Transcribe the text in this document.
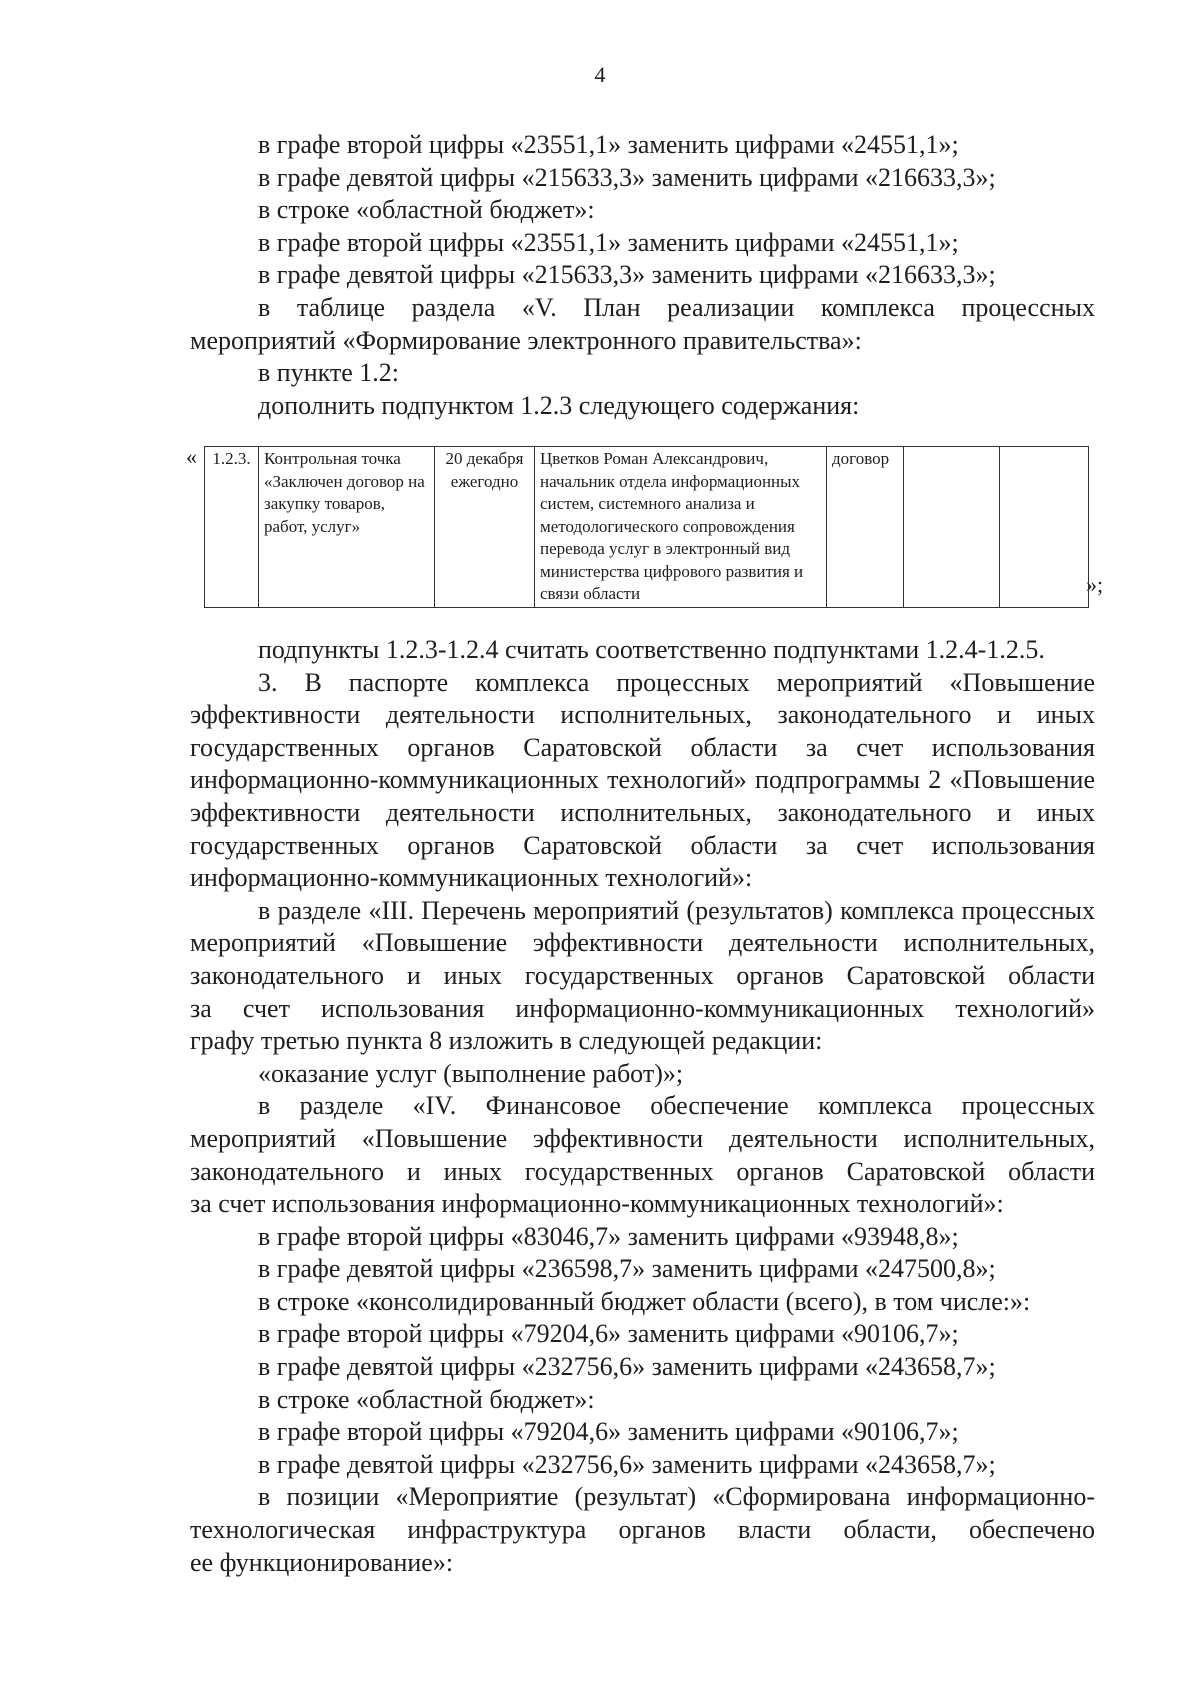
4

в графе второй цифры «23551,1» заменить цифрами «24551,1»;

в графе девятой цифры «215633,3» заменить цифрами «216633,3»;

в строке «областной бюджет»:

в графе второй цифры «23551,1» заменить цифрами «24551,1»;

в графе девятой цифры «215633,3» заменить цифрами «216633,3»;

в таблице раздела «V. План реализации комплекса процессных

мероприятий «Формирование электронного правительства»:

в пункте 1.2:

дополнить подпунктом 1.2.3 следующего содержания:

« 1.2.3.	Контрольная точка «Заключен договор на закупку товаров, работ, услуг»	20 декабря ежегодно	Цветков Роман Александрович, начальник отдела информационных систем, системного анализа и методологического сопровождения перевода услуг в электронный вид министерства цифрового развития и связи области	договор		
»;

подпункты 1.2.3-1.2.4 считать соответственно подпунктами 1.2.4-1.2.5.

3. В паспорте комплекса процессных мероприятий «Повышение

эффективности деятельности исполнительных, законодательного и иных

государственных органов Саратовской области за счет использования

информационно-коммуникационных технологий» подпрограммы 2 «Повышение

эффективности деятельности исполнительных, законодательного и иных

государственных органов Саратовской области за счет использования

информационно-коммуникационных технологий»:

в разделе «III. Перечень мероприятий (результатов) комплекса процессных

мероприятий «Повышение эффективности деятельности исполнительных,

законодательного и иных государственных органов Саратовской области

за счет использования информационно-коммуникационных технологий»

графу третью пункта 8 изложить в следующей редакции:

«оказание услуг (выполнение работ)»;

в разделе «IV. Финансовое обеспечение комплекса процессных

мероприятий «Повышение эффективности деятельности исполнительных,

законодательного и иных государственных органов Саратовской области

за счет использования информационно-коммуникационных технологий»:

в графе второй цифры «83046,7» заменить цифрами «93948,8»;

в графе девятой цифры «236598,7» заменить цифрами «247500,8»;

в строке «консолидированный бюджет области (всего), в том числе:»:

в графе второй цифры «79204,6» заменить цифрами «90106,7»;

в графе девятой цифры «232756,6» заменить цифрами «243658,7»;

в строке «областной бюджет»:

в графе второй цифры «79204,6» заменить цифрами «90106,7»;

в графе девятой цифры «232756,6» заменить цифрами «243658,7»;

в позиции «Мероприятие (результат) «Сформирована информационно-

технологическая инфраструктура органов власти области, обеспечено

ее функционирование»:
